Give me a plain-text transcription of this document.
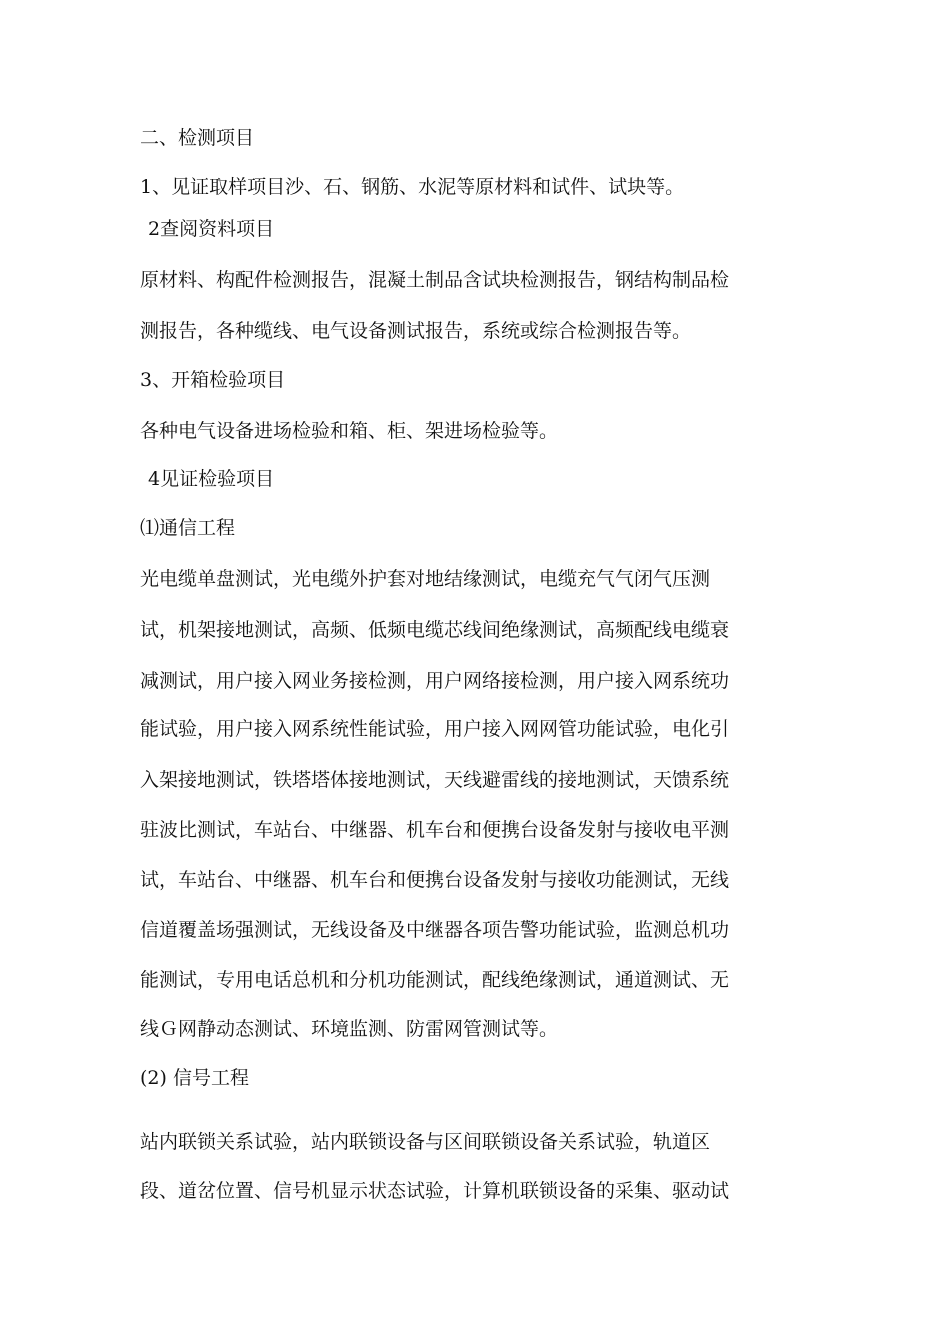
二、检测项目
1、见证取样项目沙、石、钢筋、水泥等原材料和试件、试块等。
2查阅资料项目
原材料、构配件检测报告，混凝土制品含试块检测报告，钢结构制品检
测报告，各种缆线、电气设备测试报告，系统或综合检测报告等。
3、开箱检验项目
各种电气设备进场检验和箱、柜、架进场检验等。
4见证检验项目
⑴通信工程
光电缆单盘测试，光电缆外护套对地结缘测试，电缆充气气闭气压测
试，机架接地测试，高频、低频电缆芯线间绝缘测试，高频配线电缆衰
减测试，用户接入网业务接检测，用户网络接检测，用户接入网系统功
能试验，用户接入网系统性能试验，用户接入网网管功能试验，电化引
入架接地测试，铁塔塔体接地测试，天线避雷线的接地测试，天馈系统
驻波比测试，车站台、中继器、机车台和便携台设备发射与接收电平测
试，车站台、中继器、机车台和便携台设备发射与接收功能测试，无线
信道覆盖场强测试，无线设备及中继器各项告警功能试验，监测总机功
能测试，专用电话总机和分机功能测试，配线绝缘测试，通道测试、无
线Ｇ网静动态测试、环境监测、防雷网管测试等。
(2) 信号工程
站内联锁关系试验，站内联锁设备与区间联锁设备关系试验，轨道区
段、道岔位置、信号机显示状态试验，计算机联锁设备的采集、驱动试
